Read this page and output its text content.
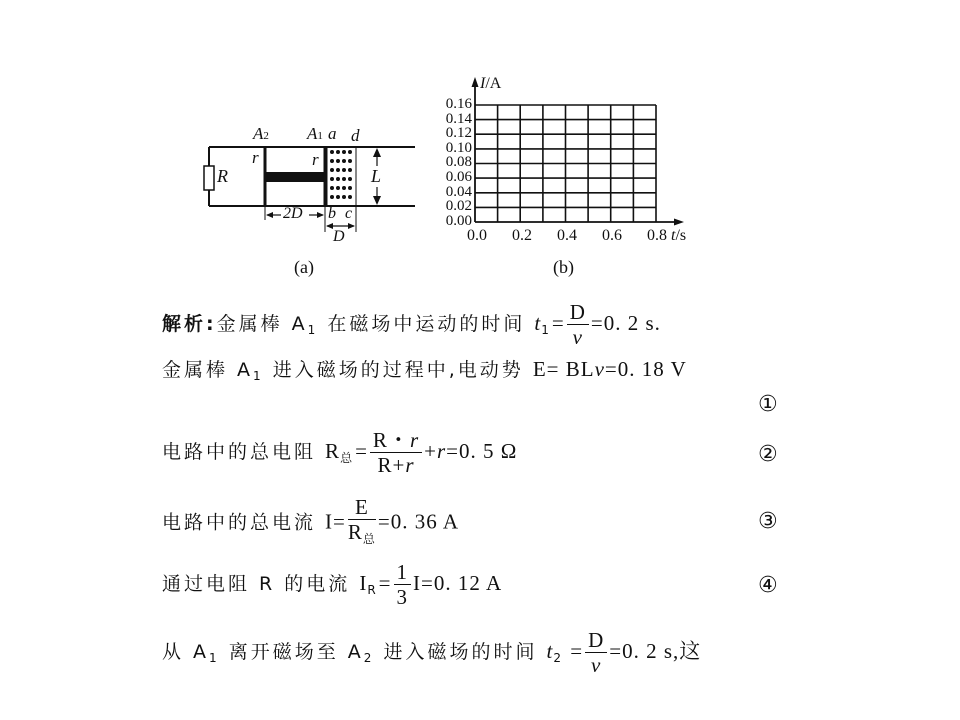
A2 A1 a d
r	r
R	L
2D b c
D
(a)
I/A
0.16
0.14
0.12
0.10
0.08
0.06
0.04
0.02
0.00
0.0 0.2 0.4 0.6 0.8 t/s
(b)
解析:金属棒 $A_1$ 在磁场中运动的时间 $t_1= \frac{D}{v} =0$. 2 s.
金属棒 $A_1$ 进入磁场的过程中,电动势 E= BLv=0. 18 V
①
电路中的总电阻 $R_总= \frac{R・r}{R+r} +r=0$. 5 Ω	②
电路中的总电流 $I= \frac{E}{R_总} =0$. 36 A	③
通过电阻 R 的电流 $I_R= \frac{1}{3} I=0$. 12 A	④
从 $A_1$ 离开磁场至 $A_2$ 进入磁场的时间 $t_2 = \frac{D}{v} =0$. 2 s,这
